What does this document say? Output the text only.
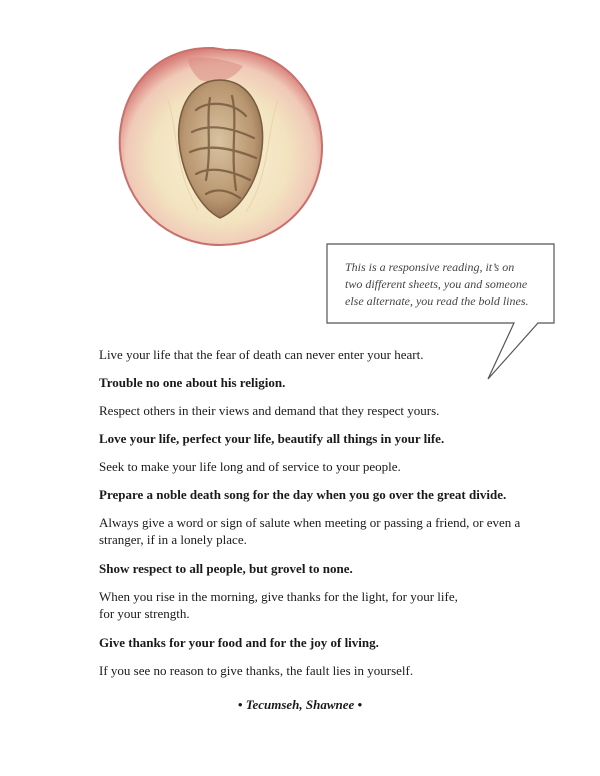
This is a responsive reading, it’s on
two different sheets, you and someone
else alternate, you read the bold lines.

Live your life that the fear of death can never enter your heart.

Trouble no one about his religion.

Respect others in their views and demand that they respect yours.

Love your life, perfect your life, beautify all things in your life.

Seek to make your life long and of service to your people.

Prepare a noble death song for the day when you go over the great divide.

Always give a word or sign of salute when meeting or passing a friend, or even a
stranger, if in a lonely place.

Show respect to all people, but grovel to none.

When you rise in the morning, give thanks for the light, for your life,
for your strength.

Give thanks for your food and for the joy of living.

If you see no reason to give thanks, the fault lies in yourself.

• Tecumseh, Shawnee •
